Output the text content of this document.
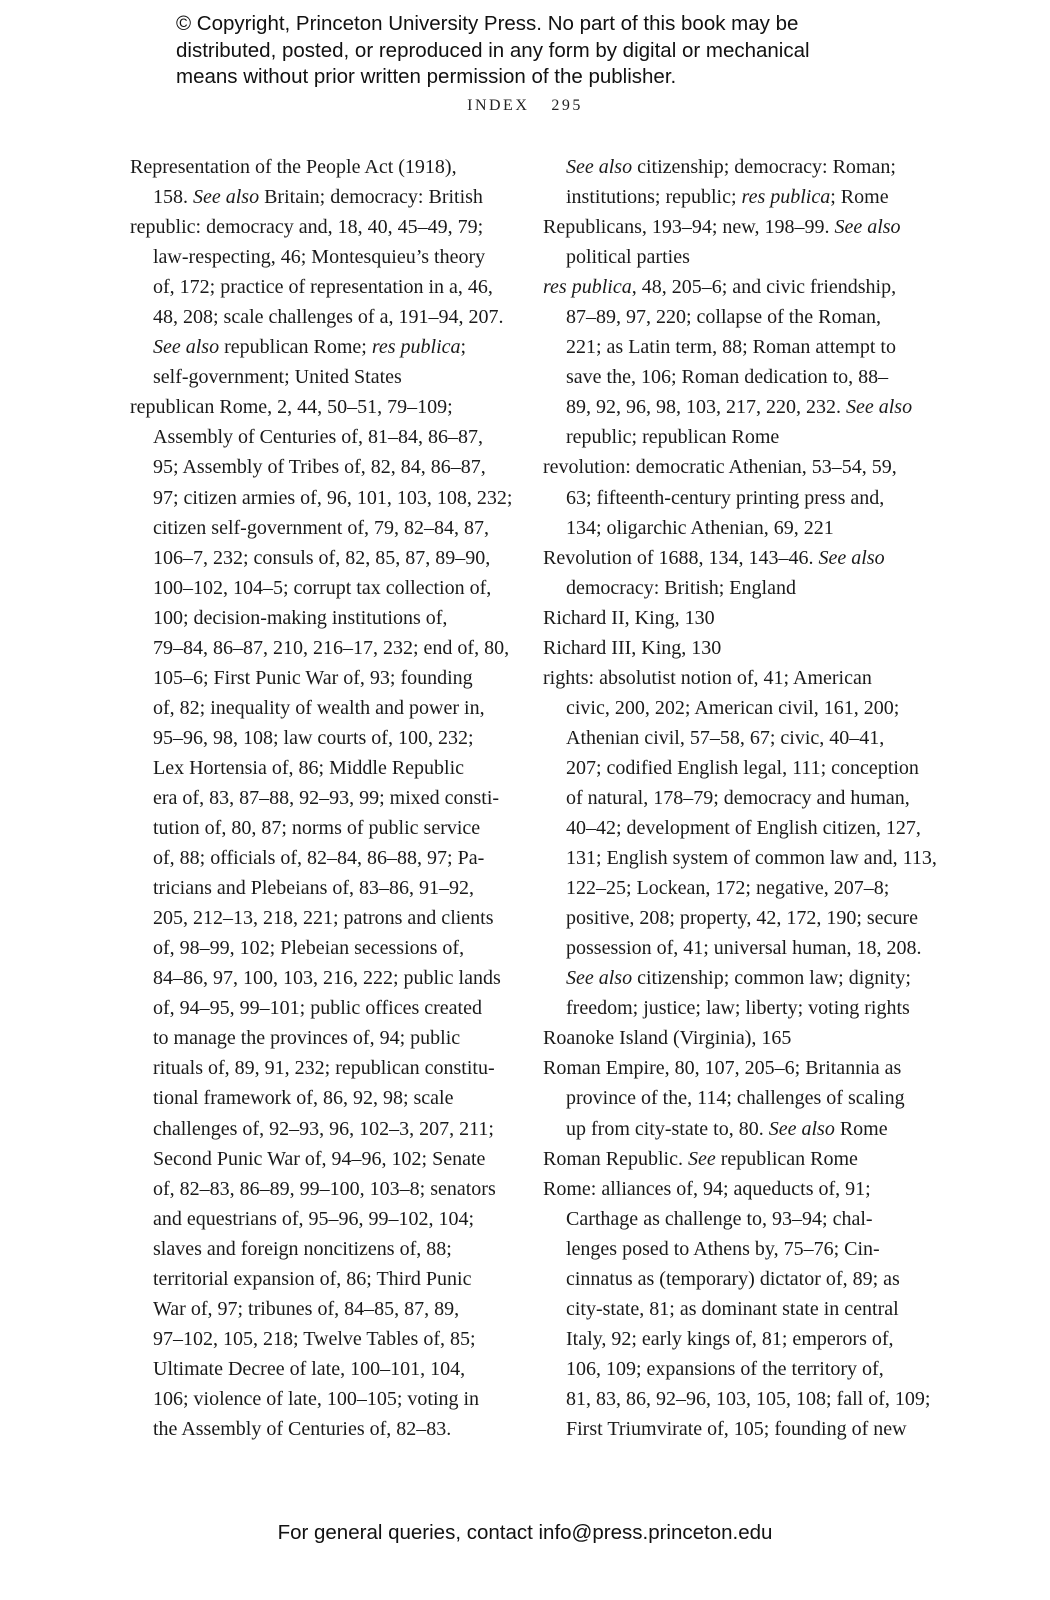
© Copyright, Princeton University Press. No part of this book may be
distributed, posted, or reproduced in any form by digital or mechanical
means without prior written permission of the publisher.
INDEX 295
Representation of the People Act (1918),
158. See also Britain; democracy: British
republic: democracy and, 18, 40, 45–49, 79;
law-respecting, 46; Montesquieu’s theory
of, 172; practice of representation in a, 46,
48, 208; scale challenges of a, 191–94, 207.
See also republican Rome; res publica;
self-government; United States
republican Rome, 2, 44, 50–51, 79–109;
Assembly of Centuries of, 81–84, 86–87,
95; Assembly of Tribes of, 82, 84, 86–87,
97; citizen armies of, 96, 101, 103, 108, 232;
citizen self-government of, 79, 82–84, 87,
106–7, 232; consuls of, 82, 85, 87, 89–90,
100–102, 104–5; corrupt tax collection of,
100; decision-making institutions of,
79–84, 86–87, 210, 216–17, 232; end of, 80,
105–6; First Punic War of, 93; founding
of, 82; inequality of wealth and power in,
95–96, 98, 108; law courts of, 100, 232;
Lex Hortensia of, 86; Middle Republic
era of, 83, 87–88, 92–93, 99; mixed consti-
tution of, 80, 87; norms of public service
of, 88; officials of, 82–84, 86–88, 97; Pa-
tricians and Plebeians of, 83–86, 91–92,
205, 212–13, 218, 221; patrons and clients
of, 98–99, 102; Plebeian secessions of,
84–86, 97, 100, 103, 216, 222; public lands
of, 94–95, 99–101; public offices created
to manage the provinces of, 94; public
rituals of, 89, 91, 232; republican constitu-
tional framework of, 86, 92, 98; scale
challenges of, 92–93, 96, 102–3, 207, 211;
Second Punic War of, 94–96, 102; Senate
of, 82–83, 86–89, 99–100, 103–8; senators
and equestrians of, 95–96, 99–102, 104;
slaves and foreign noncitizens of, 88;
territorial expansion of, 86; Third Punic
War of, 97; tribunes of, 84–85, 87, 89,
97–102, 105, 218; Twelve Tables of, 85;
Ultimate Decree of late, 100–101, 104,
106; violence of late, 100–105; voting in
the Assembly of Centuries of, 82–83.
See also citizenship; democracy: Roman;
institutions; republic; res publica; Rome
Republicans, 193–94; new, 198–99. See also
political parties
res publica, 48, 205–6; and civic friendship,
87–89, 97, 220; collapse of the Roman,
221; as Latin term, 88; Roman attempt to
save the, 106; Roman dedication to, 88–
89, 92, 96, 98, 103, 217, 220, 232. See also
republic; republican Rome
revolution: democratic Athenian, 53–54, 59,
63; fifteenth-century printing press and,
134; oligarchic Athenian, 69, 221
Revolution of 1688, 134, 143–46. See also
democracy: British; England
Richard II, King, 130
Richard III, King, 130
rights: absolutist notion of, 41; American
civic, 200, 202; American civil, 161, 200;
Athenian civil, 57–58, 67; civic, 40–41,
207; codified English legal, 111; conception
of natural, 178–79; democracy and human,
40–42; development of English citizen, 127,
131; English system of common law and, 113,
122–25; Lockean, 172; negative, 207–8;
positive, 208; property, 42, 172, 190; secure
possession of, 41; universal human, 18, 208.
See also citizenship; common law; dignity;
freedom; justice; law; liberty; voting rights
Roanoke Island (Virginia), 165
Roman Empire, 80, 107, 205–6; Britannia as
province of the, 114; challenges of scaling
up from city-state to, 80. See also Rome
Roman Republic. See republican Rome
Rome: alliances of, 94; aqueducts of, 91;
Carthage as challenge to, 93–94; chal-
lenges posed to Athens by, 75–76; Cin-
cinnatus as (temporary) dictator of, 89; as
city-state, 81; as dominant state in central
Italy, 92; early kings of, 81; emperors of,
106, 109; expansions of the territory of,
81, 83, 86, 92–96, 103, 105, 108; fall of, 109;
First Triumvirate of, 105; founding of new
For general queries, contact info@press.princeton.edu
